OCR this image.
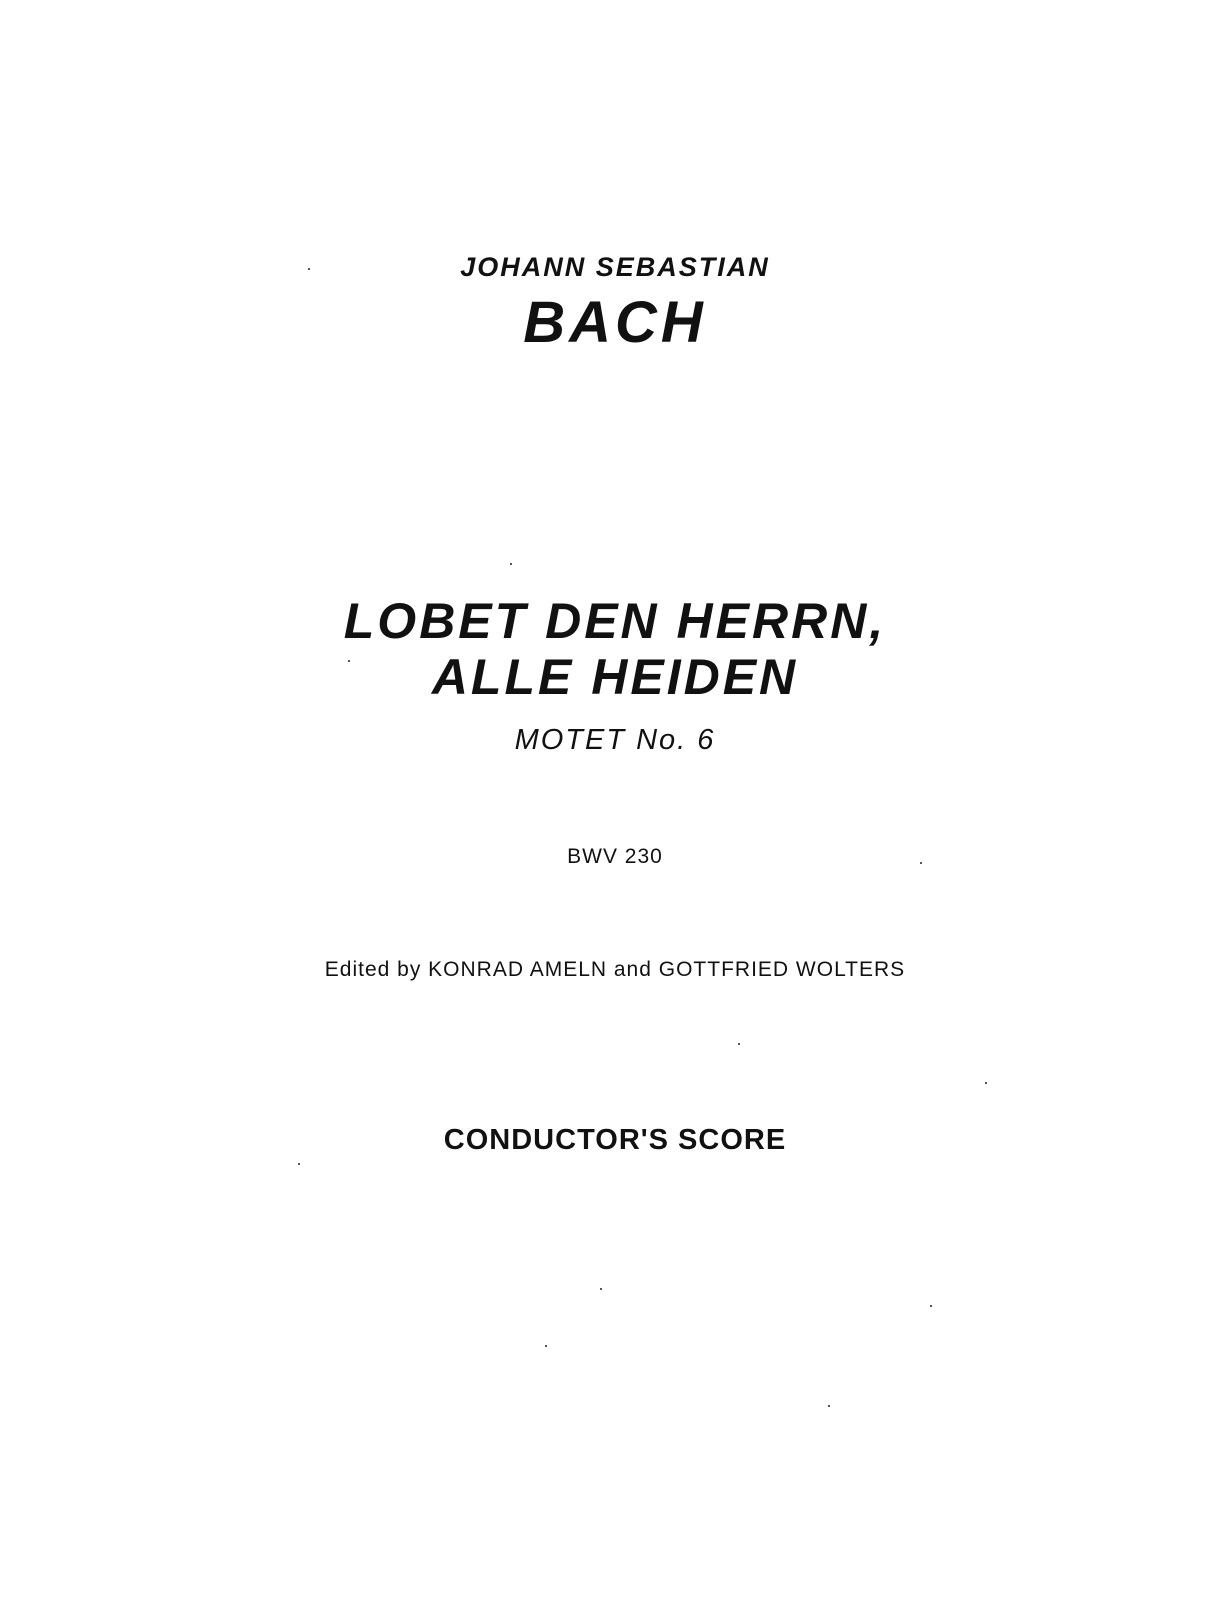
JOHANN SEBASTIAN
BACH
LOBET DEN HERRN,
ALLE HEIDEN
MOTET No. 6
BWV 230
Edited by KONRAD AMELN and GOTTFRIED WOLTERS
CONDUCTOR'S SCORE
